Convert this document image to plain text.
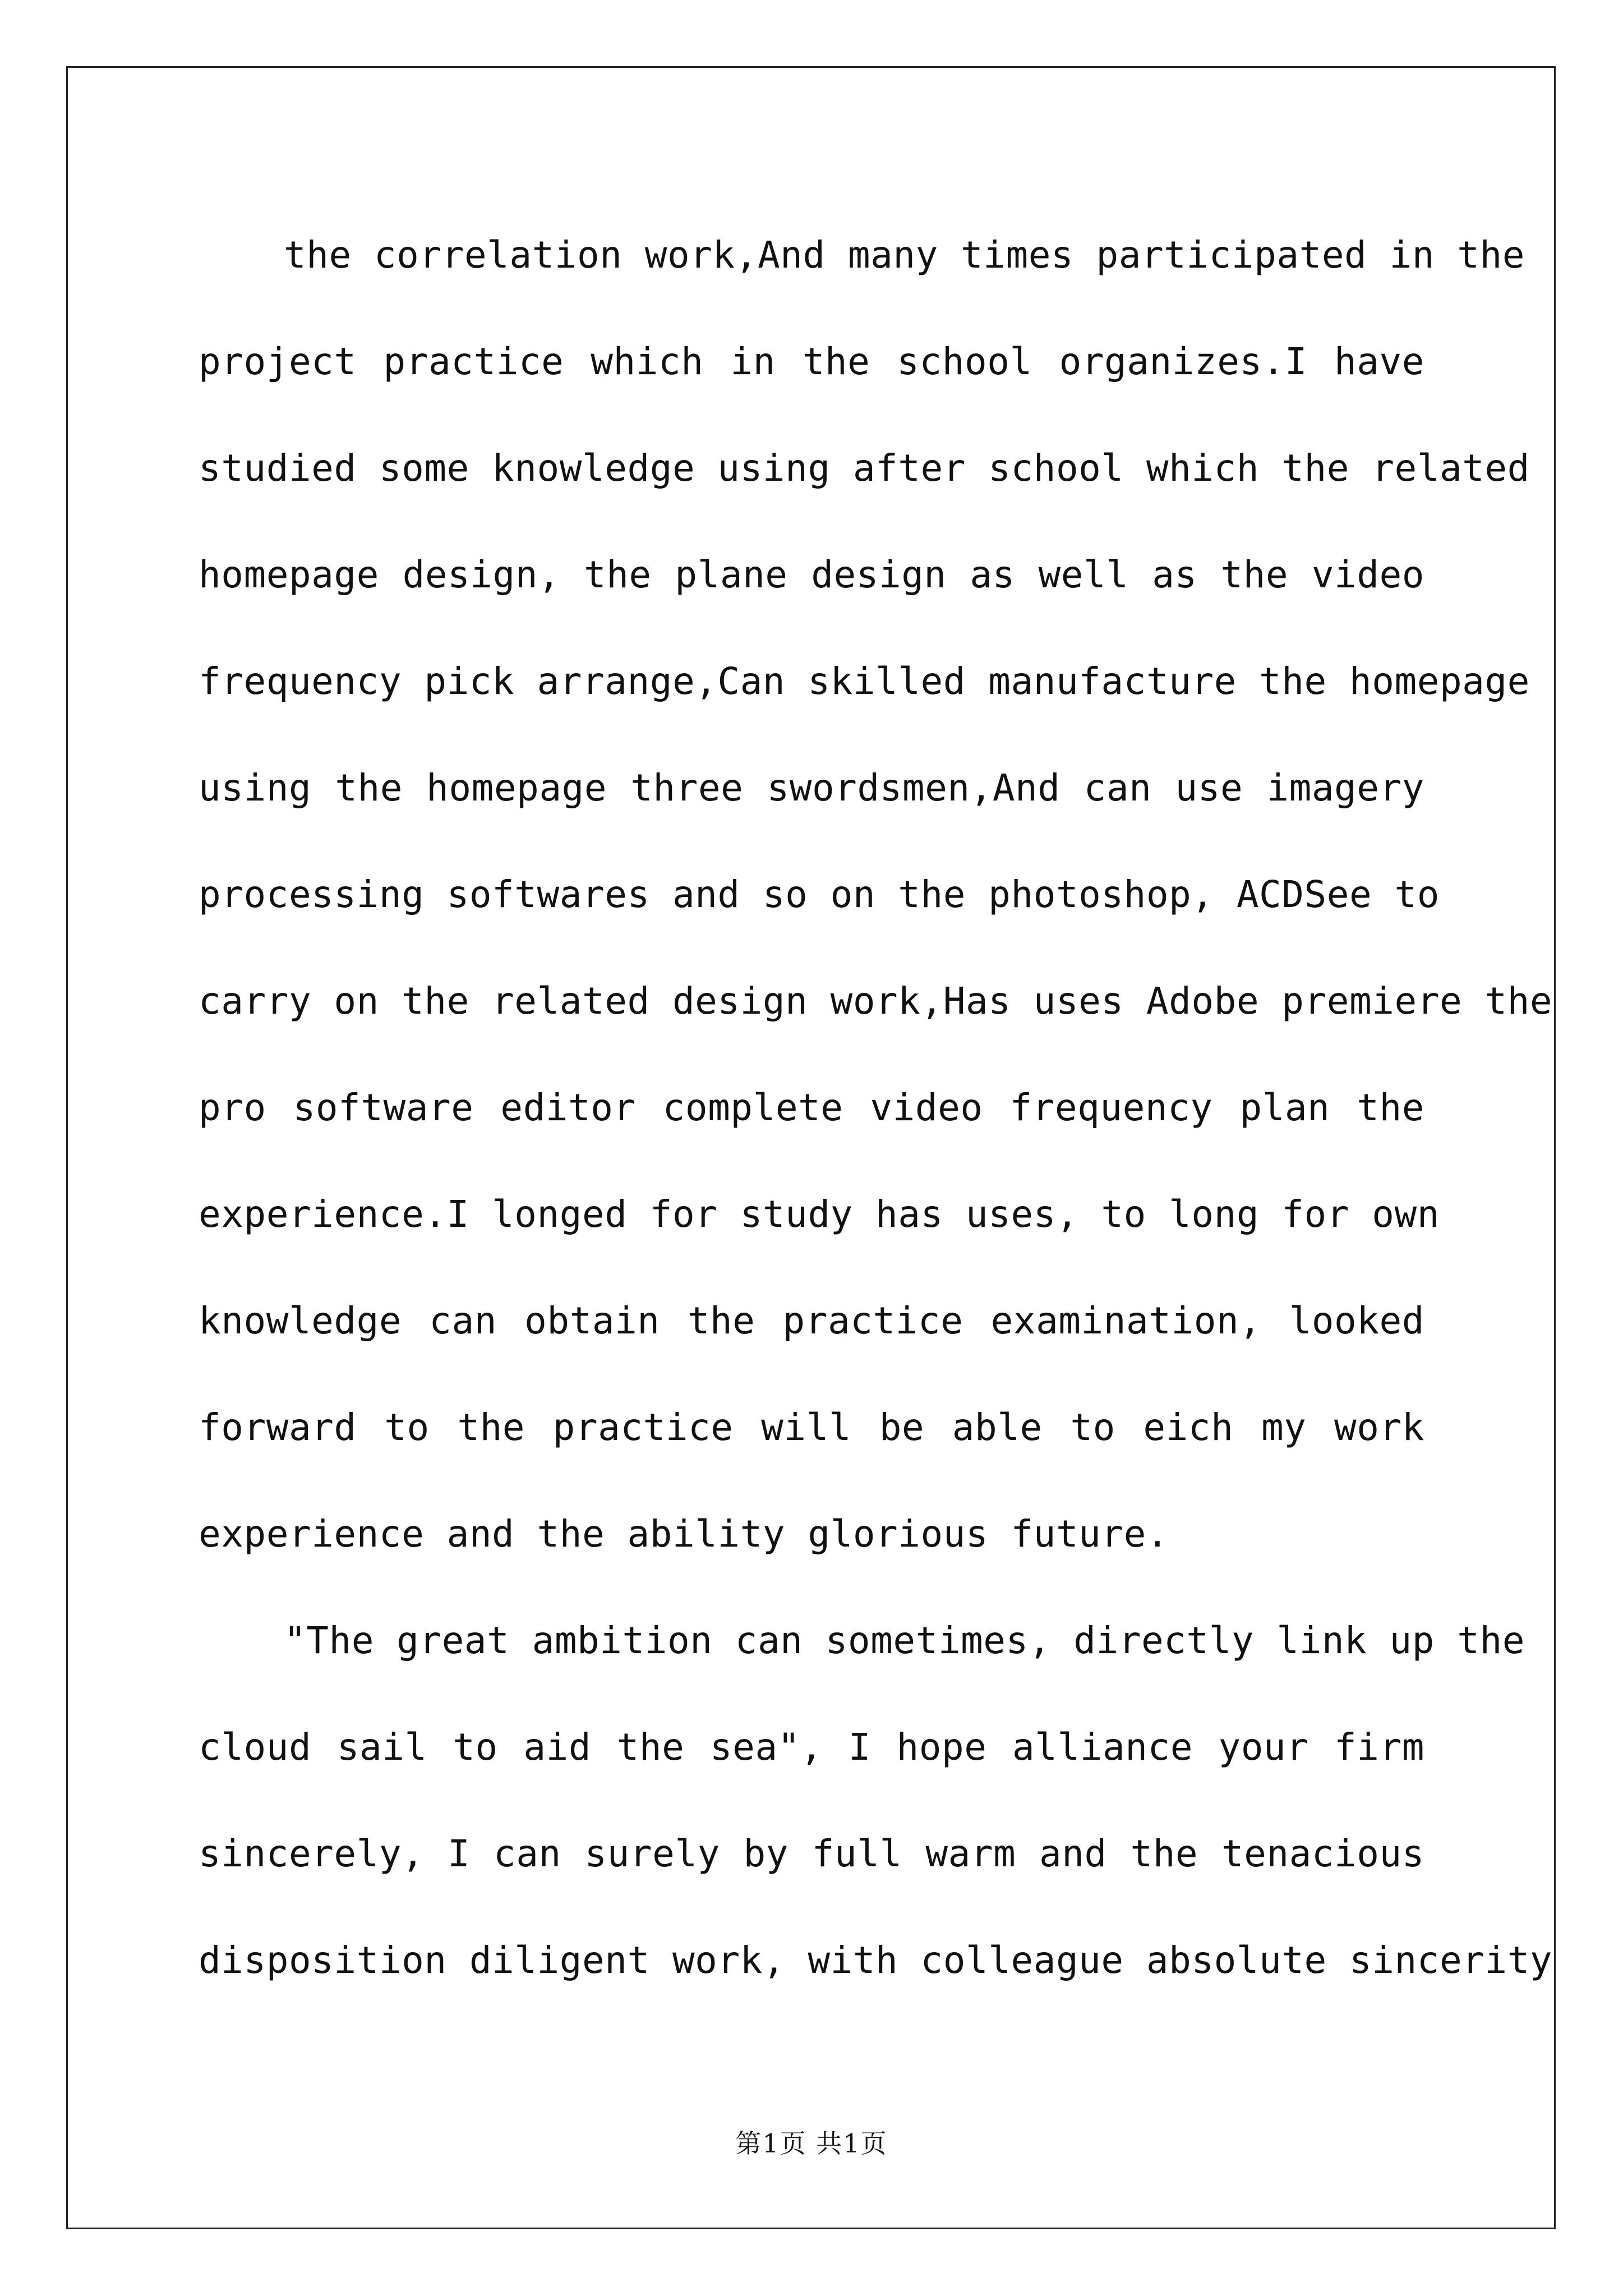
the correlation work,And many times participated in the
project practice which in the school organizes.I have
studied some knowledge using after school which the related
homepage design, the plane design as well as the video
frequency pick arrange,Can skilled manufacture the homepage
using the homepage three swordsmen,And can use imagery
processing softwares and so on the photoshop, ACDSee to
carry on the related design work,Has uses Adobe premiere the
pro software editor complete video frequency plan the
experience.I longed for study has uses, to long for own
knowledge can obtain the practice examination, looked
forward to the practice will be able to eich my work
experience and the ability glorious future.
"The great ambition can sometimes, directly link up the
cloud sail to aid the sea", I hope alliance your firm
sincerely, I can surely by full warm and the tenacious
disposition diligent work, with colleague absolute sincerity
第1页 共1页
